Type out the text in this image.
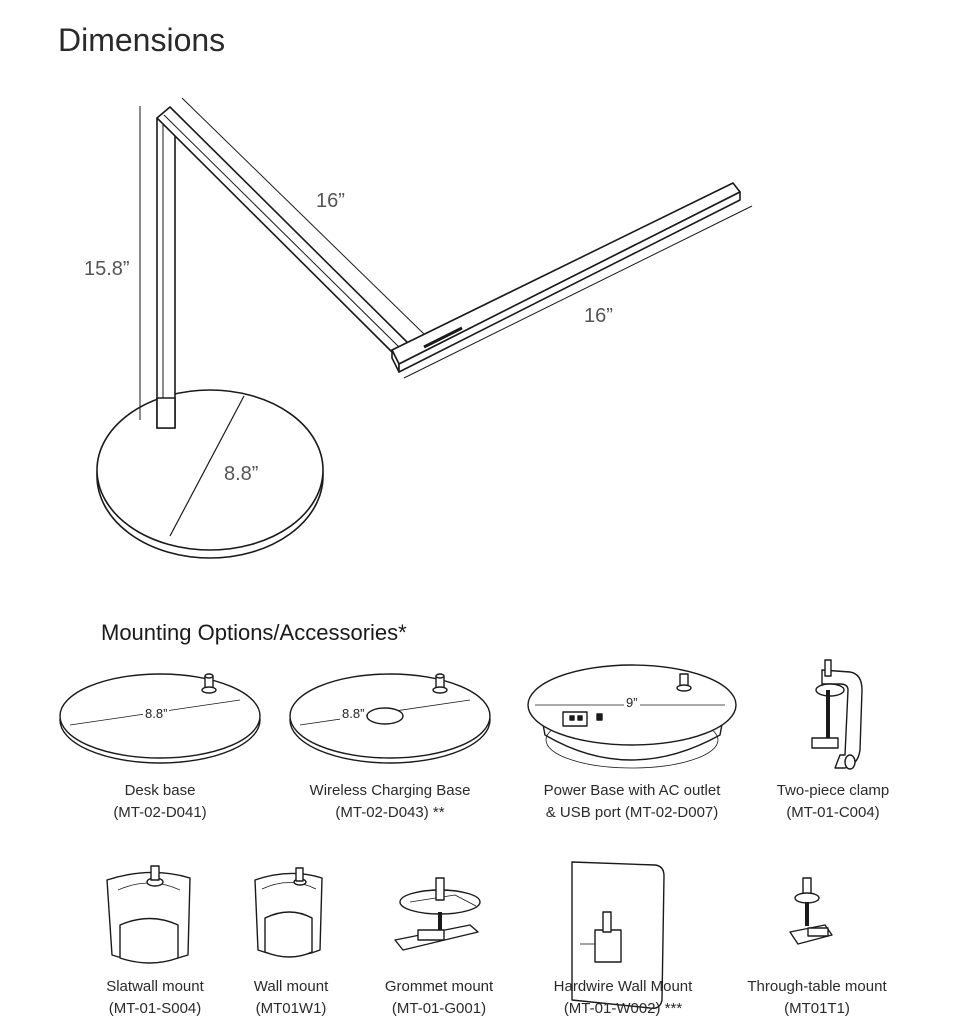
Dimensions
15.8”
16”
16”
8.8”
Mounting Options/Accessories*
8.8”	8.8”
9”
Desk base
(MT-02-D041)
Wireless Charging Base
(MT-02-D043) **
Power Base with AC outlet
& USB port (MT-02-D007)
Two-piece clamp
(MT-01-C004)
Slatwall mount
(MT-01-S004)
Wall mount
(MT01W1)
Grommet mount
(MT-01-G001)
Hardwire Wall Mount
(MT-01-W002) ***
Through-table mount
(MT01T1)
